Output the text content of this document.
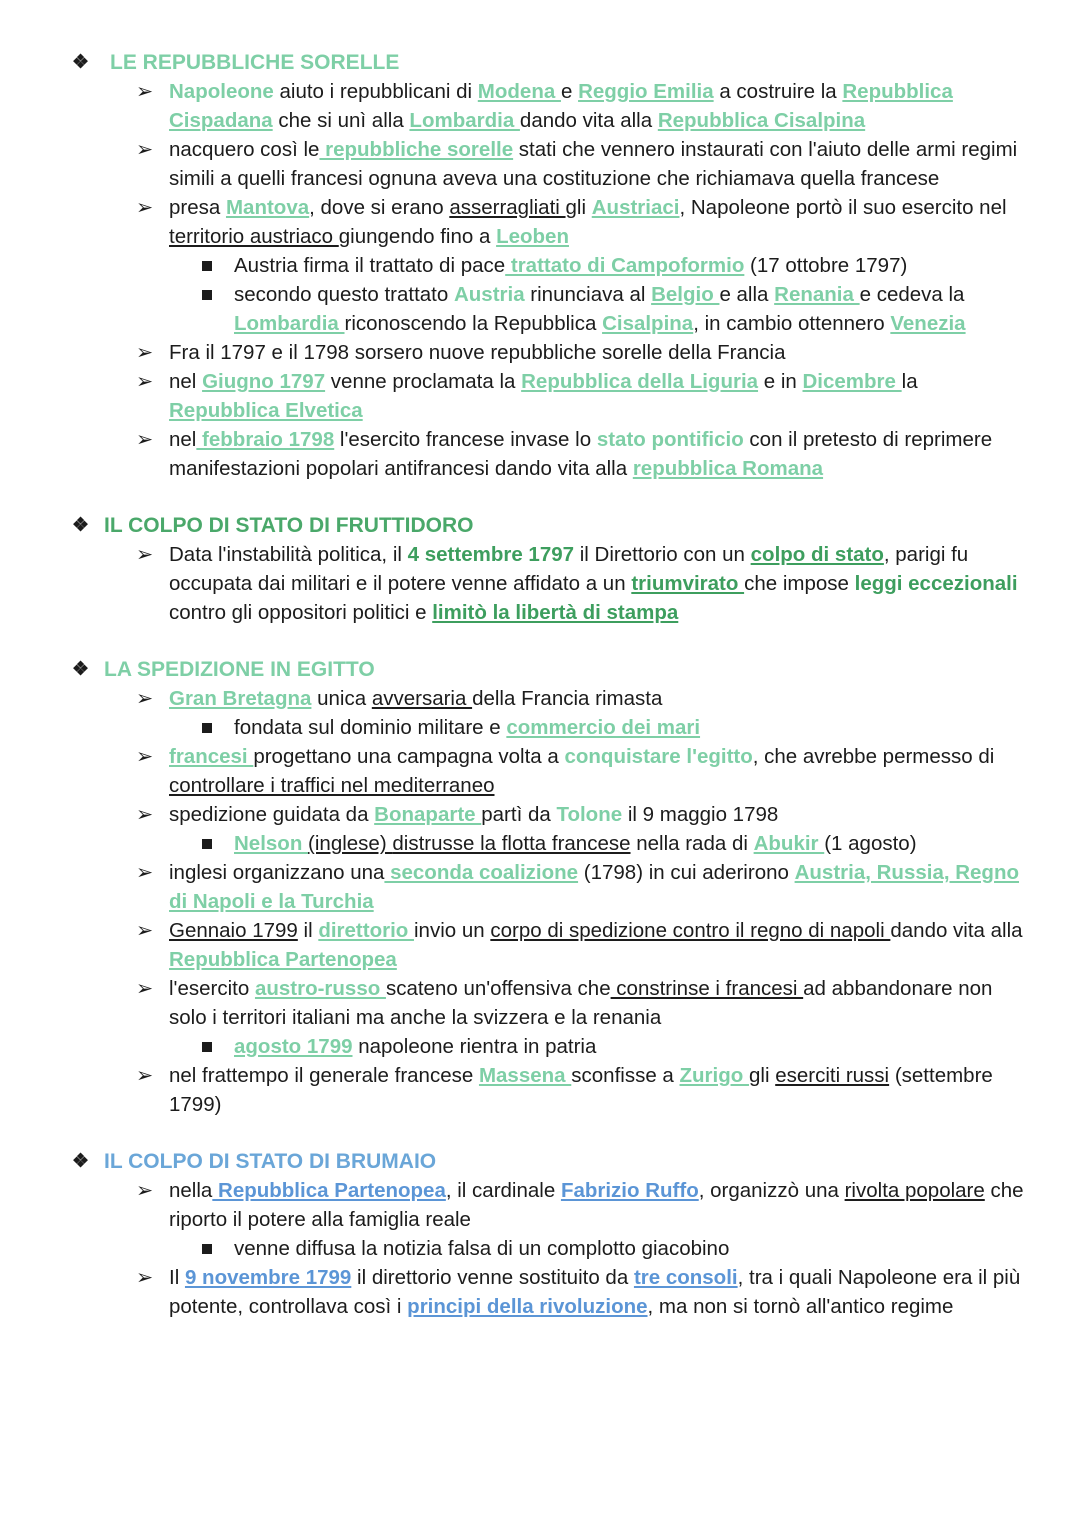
❖ LE REPUBBLICHE SORELLE
➢ Napoleone aiuto i repubblicani di Modena e Reggio Emilia a costruire la Repubblica Cispadana che si unì alla Lombardia dando vita alla Repubblica Cisalpina
➢ nacquero così le repubbliche sorelle stati che vennero instaurati con l'aiuto delle armi regimi simili a quelli francesi ognuna aveva una costituzione che richiamava quella francese
➢ presa Mantova, dove si erano asserragliati gli Austriaci, Napoleone portò il suo esercito nel territorio austriaco giungendo fino a Leoben
Austria firma il trattato di pace trattato di Campoformio (17 ottobre 1797)
secondo questo trattato Austria rinunciava al Belgio e alla Renania e cedeva la Lombardia riconoscendo la Repubblica Cisalpina, in cambio ottennero Venezia
➢ Fra il 1797 e il 1798 sorsero nuove repubbliche sorelle della Francia
➢ nel Giugno 1797 venne proclamata la Repubblica della Liguria e in Dicembre la Repubblica Elvetica
➢ nel febbraio 1798 l'esercito francese invase lo stato pontificio con il pretesto di reprimere manifestazioni popolari antifrancesi dando vita alla repubblica Romana
❖ IL COLPO DI STATO DI FRUTTIDORO
➢ Data l'instabilità politica, il 4 settembre 1797 il Direttorio con un colpo di stato, parigi fu occupata dai militari e il potere venne affidato a un triumvirato che impose leggi eccezionali contro gli oppositori politici e limitò la libertà di stampa
❖ LA SPEDIZIONE IN EGITTO
➢ Gran Bretagna unica avversaria della Francia rimasta
fondata sul dominio militare e commercio dei mari
➢ francesi progettano una campagna volta a conquistare l'egitto, che avrebbe permesso di controllare i traffici nel mediterraneo
➢ spedizione guidata da Bonaparte partì da Tolone il 9 maggio 1798
Nelson (inglese) distrusse la flotta francese nella rada di Abukir (1 agosto)
➢ inglesi organizzano una seconda coalizione (1798) in cui aderirono Austria, Russia, Regno di Napoli e la Turchia
➢ Gennaio 1799 il direttorio invio un corpo di spedizione contro il regno di napoli dando vita alla Repubblica Partenopea
➢ l'esercito austro-russo scateno un'offensiva che constrinse i francesi ad abbandonare non solo i territori italiani ma anche la svizzera e la renania
agosto 1799 napoleone rientra in patria
➢ nel frattempo il generale francese Massena sconfisse a Zurigo gli eserciti russi (settembre 1799)
❖ IL COLPO DI STATO DI BRUMAIO
➢ nella Repubblica Partenopea, il cardinale Fabrizio Ruffo, organizzò una rivolta popolare che riporto il potere alla famiglia reale
venne diffusa la notizia falsa di un complotto giacobino
➢ Il 9 novembre 1799 il direttorio venne sostituito da tre consoli, tra i quali Napoleone era il più potente, controllava così i principi della rivoluzione, ma non si tornò all'antico regime
